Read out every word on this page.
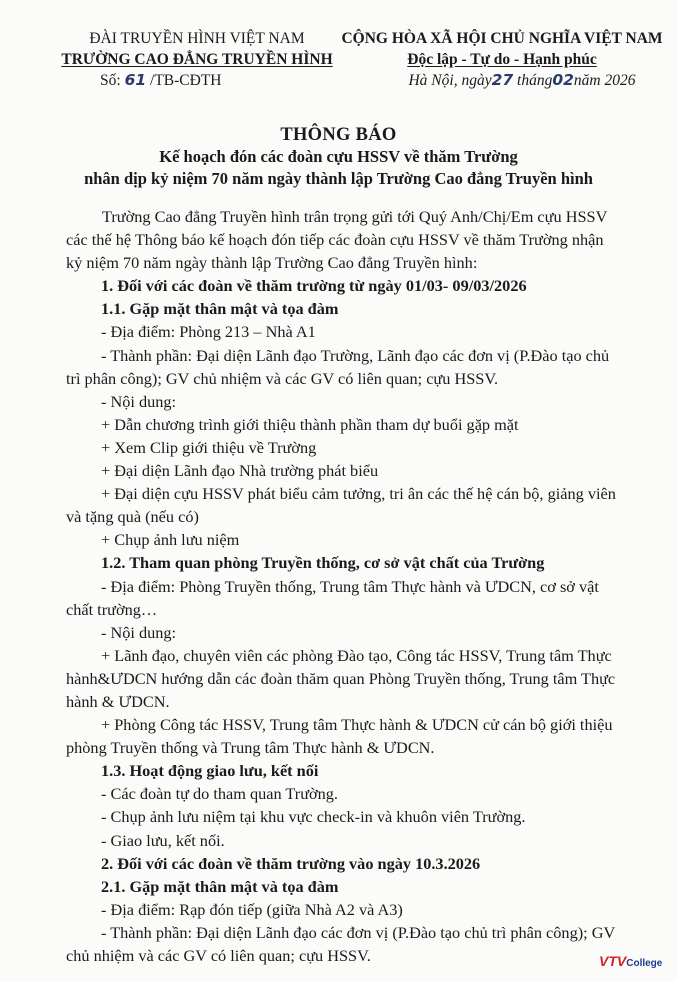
ĐÀI TRUYỀN HÌNH VIỆT NAM
TRƯỜNG CAO ĐẲNG TRUYỀN HÌNH
Số: 61 /TB-CĐTH
CỘNG HÒA XÃ HỘI CHỦ NGHĨA VIỆT NAM
Độc lập - Tự do - Hạnh phúc
Hà Nội, ngày27 tháng02năm 2026
THÔNG BÁO
Kế hoạch đón các đoàn cựu HSSV về thăm Trường
nhân dịp kỷ niệm 70 năm ngày thành lập Trường Cao đẳng Truyền hình

Trường Cao đẳng Truyền hình trân trọng gửi tới Quý Anh/Chị/Em cựu HSSV các thế hệ Thông báo kế hoạch đón tiếp các đoàn cựu HSSV về thăm Trường nhận kỷ niệm 70 năm ngày thành lập Trường Cao đẳng Truyền hình:

1. Đối với các đoàn về thăm trường từ ngày 01/03- 09/03/2026

1.1. Gặp mặt thân mật và tọa đàm

- Địa điểm: Phòng 213 – Nhà A1

- Thành phần: Đại diện Lãnh đạo Trường, Lãnh đạo các đơn vị (P.Đào tạo chủ trì phân công); GV chủ nhiệm và các GV có liên quan; cựu HSSV.

- Nội dung:

+ Dẫn chương trình giới thiệu thành phần tham dự buổi gặp mặt

+ Xem Clip giới thiệu về Trường

+ Đại diện Lãnh đạo Nhà trường phát biểu

+ Đại diện cựu HSSV phát biểu cảm tưởng, tri ân các thế hệ cán bộ, giảng viên và tặng quà (nếu có)

+ Chụp ảnh lưu niệm

1.2. Tham quan phòng Truyền thống, cơ sở vật chất của Trường

- Địa điểm: Phòng Truyền thống, Trung tâm Thực hành và ƯDCN, cơ sở vật chất trường…

- Nội dung:

+ Lãnh đạo, chuyên viên các phòng Đào tạo, Công tác HSSV, Trung tâm Thực hành&ƯDCN hướng dẫn các đoàn thăm quan Phòng Truyền thống, Trung tâm Thực hành & ƯDCN.

+ Phòng Công tác HSSV, Trung tâm Thực hành & ƯDCN cử cán bộ giới thiệu phòng Truyền thống và Trung tâm Thực hành & ƯDCN.

1.3. Hoạt động giao lưu, kết nối

- Các đoàn tự do tham quan Trường.

- Chụp ảnh lưu niệm tại khu vực check-in và khuôn viên Trường.

- Giao lưu, kết nối.

2. Đối với các đoàn về thăm trường vào ngày 10.3.2026

2.1. Gặp mặt thân mật và tọa đàm

- Địa điểm: Rạp đón tiếp (giữa Nhà A2 và A3)

- Thành phần: Đại diện Lãnh đạo các đơn vị (P.Đào tạo chủ trì phân công); GV chủ nhiệm và các GV có liên quan; cựu HSSV.	VTVCollege
